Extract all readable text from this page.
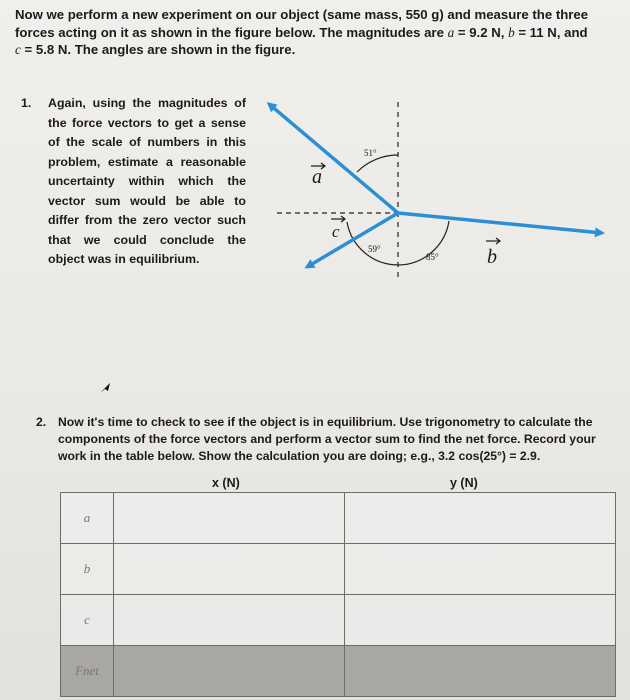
Now we perform a new experiment on our object (same mass, 550 g) and measure the three forces acting on it as shown in the figure below. The magnitudes are a = 9.2 N, b = 11 N, and
c = 5.8 N. The angles are shown in the figure.
1. Again, using the magnitudes of the force vectors to get a sense of the scale of numbers in this problem, estimate a reasonable uncertainty within which the vector sum would be able to differ from the zero vector such that we could conclude the object was in equilibrium.
a
b
c
51°
59°
85°
2. Now it's time to check to see if the object is in equilibrium. Use trigonometry to calculate the components of the force vectors and perform a vector sum to find the net force. Record your work in the table below. Show the calculation you are doing; e.g., 3.2 cos(25°) = 2.9.
x (N)	y (N)
a		
b		
c		
Fnet		
